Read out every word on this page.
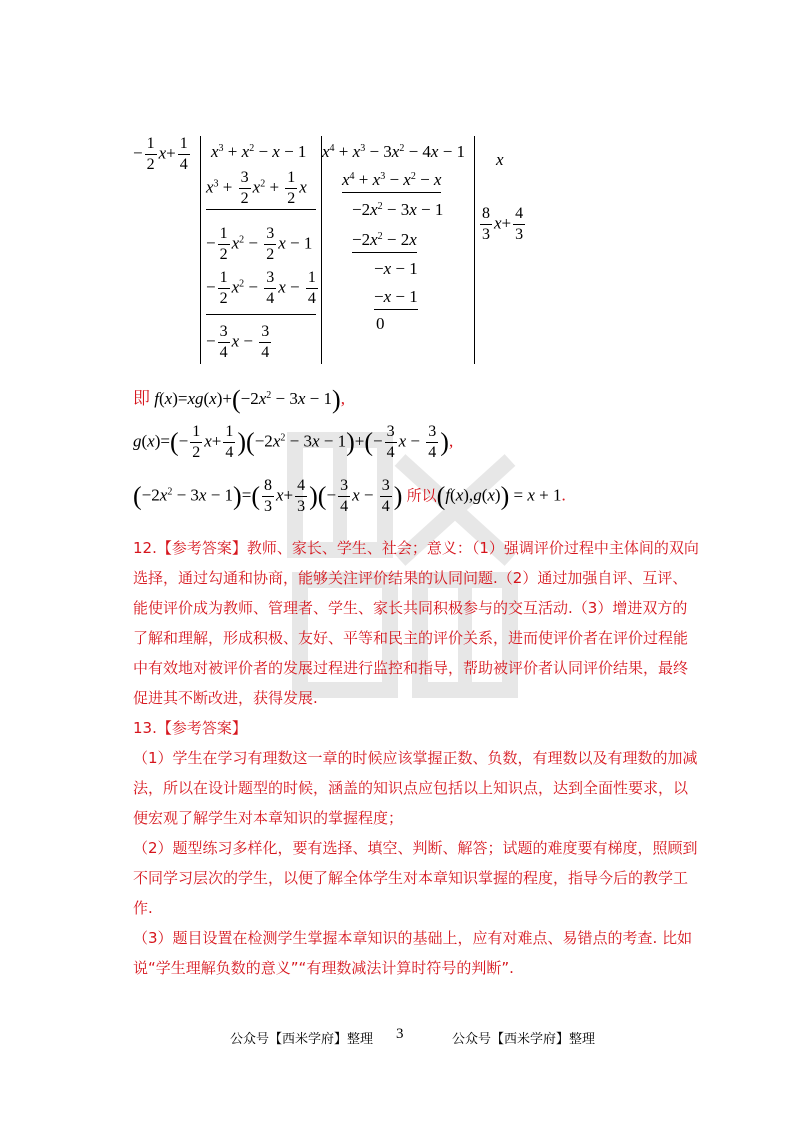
− $\frac{1}{2} x+ \frac{1}{4} x^3 + x^2 - x - 1$
$x^3 + \frac{3}{2} x^2 + \frac{1}{2}$ x
− $\frac{1}{2} x^2 - \frac{3}{2}$ x − 1
− $\frac{1}{2} x^2 - \frac{3}{4}$ $x - \frac{1}{4}$
− $\frac{3}{4}$ $x - \frac{3}{4}$
$x^4 + x^3 - 3x^2 - 4x - 1$
$x^4 + x^3 - x^2 - x$
$-2x^2 - 3x - 1$
$-2x^2 - 2x$
−x − 1
−x − 1
0
x
$\frac{8}{3} x+ \frac{4}{3}$
即 $f(x)=xg(x)+(-2x^2 - 3x - 1)$,
$g(x)=(- \frac{1}{2} x+ \frac{1}{4} )(-2x^2 - 3x - 1)+(- \frac{3}{4}$ $x - \frac{3}{4}$ ),
$(-2x^2 - 3x - 1)=( \frac{8}{3} x+ \frac{4}{3}$ )(− $\frac{3}{4}$ $x - \frac{3}{4}$ ) 所以(f(x),g(x)) = x + 1.

12.【参考答案】教师、家长、学生、社会；意义：（1）强调评价过程中主体间的双向选择，通过勾通和协商，能够关注评价结果的认同问题.（2）通过加强自评、互评、能使评价成为教师、管理者、学生、家长共同积极参与的交互活动.（3）增进双方的了解和理解，形成积极、友好、平等和民主的评价关系，进而使评价者在评价过程能中有效地对被评价者的发展过程进行监控和指导，帮助被评价者认同评价结果，最终促进其不断改进，获得发展.

13.【参考答案】

（1）学生在学习有理数这一章的时候应该掌握正数、负数，有理数以及有理数的加减法，所以在设计题型的时候，涵盖的知识点应包括以上知识点，达到全面性要求，以便宏观了解学生对本章知识的掌握程度；

（2）题型练习多样化，要有选择、填空、判断、解答；试题的难度要有梯度，照顾到不同学习层次的学生，以便了解全体学生对本章知识掌握的程度，指导今后的教学工作.

（3）题目设置在检测学生掌握本章知识的基础上，应有对难点、易错点的考查. 比如说“学生理解负数的意义”“有理数减法计算时符号的判断”.

公众号【西米学府】整理 3	公众号【西米学府】整理
